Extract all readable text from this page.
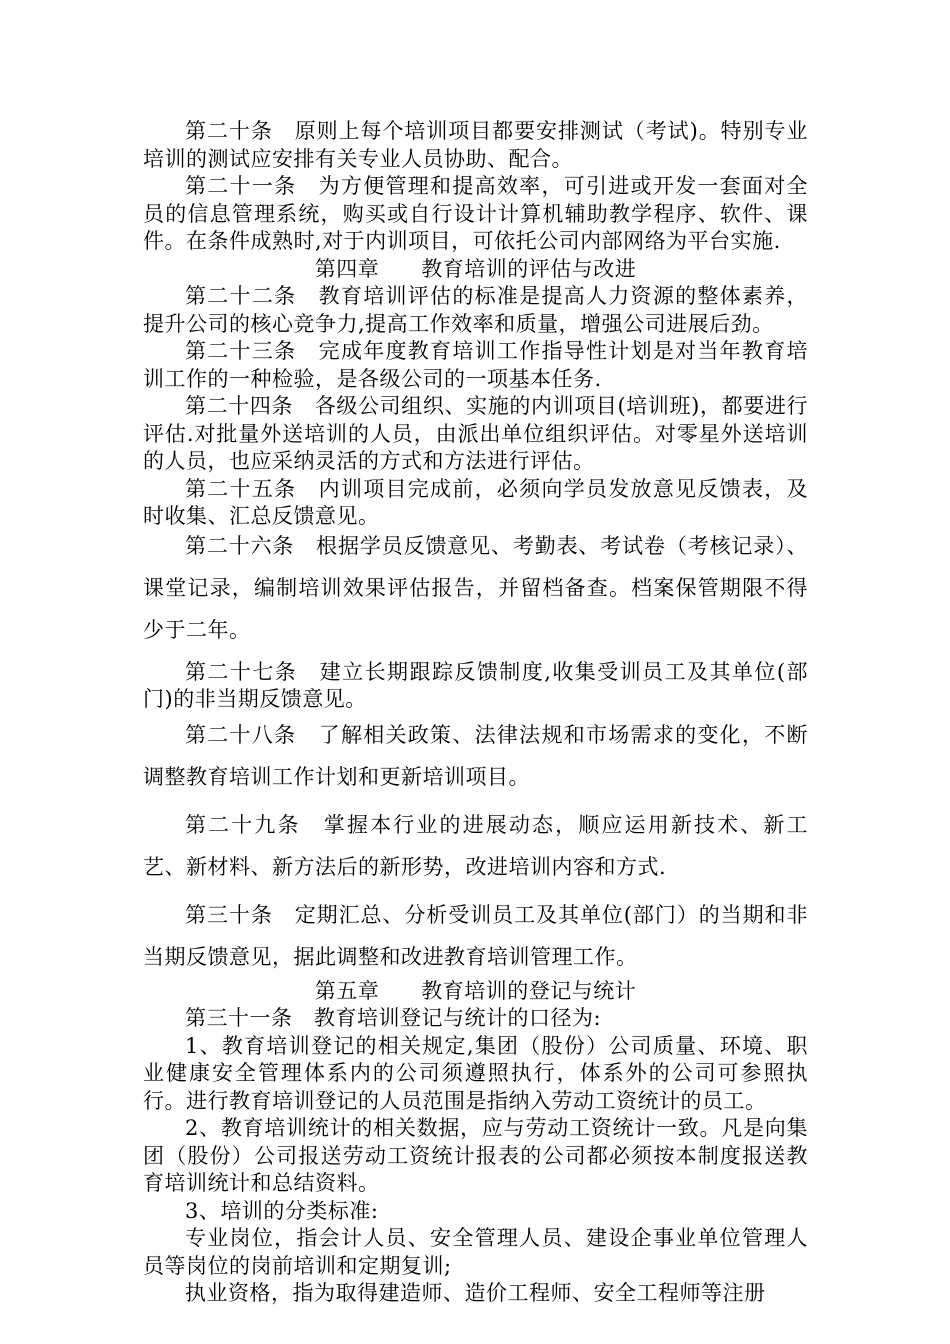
第二十条　原则上每个培训项目都要安排测试（考试)。特别专业培训的测试应安排有关专业人员协助、配合。

第二十一条　为方便管理和提高效率，可引进或开发一套面对全员的信息管理系统，购买或自行设计计算机辅助教学程序、软件、课件。在条件成熟时,对于内训项目，可依托公司内部网络为平台实施.

第四章 教育培训的评估与改进

第二十二条　教育培训评估的标准是提高人力资源的整体素养，提升公司的核心竞争力,提高工作效率和质量，增强公司进展后劲。

第二十三条　完成年度教育培训工作指导性计划是对当年教育培训工作的一种检验，是各级公司的一项基本任务.

第二十四条　各级公司组织、实施的内训项目(培训班)，都要进行评估.对批量外送培训的人员，由派出单位组织评估。对零星外送培训的人员，也应采纳灵活的方式和方法进行评估。

第二十五条　内训项目完成前，必须向学员发放意见反馈表，及时收集、汇总反馈意见。

第二十六条　根据学员反馈意见、考勤表、考试卷（考核记录）、课堂记录，编制培训效果评估报告，并留档备查。档案保管期限不得少于二年。

第二十七条　建立长期跟踪反馈制度,收集受训员工及其单位(部门)的非当期反馈意见。

第二十八条　了解相关政策、法律法规和市场需求的变化，不断调整教育培训工作计划和更新培训项目。

第二十九条　掌握本行业的进展动态，顺应运用新技术、新工艺、新材料、新方法后的新形势，改进培训内容和方式.

第三十条　定期汇总、分析受训员工及其单位(部门）的当期和非当期反馈意见，据此调整和改进教育培训管理工作。

第五章 教育培训的登记与统计

第三十一条　教育培训登记与统计的口径为:

1、教育培训登记的相关规定,集团（股份）公司质量、环境、职业健康安全管理体系内的公司须遵照执行，体系外的公司可参照执行。进行教育培训登记的人员范围是指纳入劳动工资统计的员工。

2、教育培训统计的相关数据，应与劳动工资统计一致。凡是向集团（股份）公司报送劳动工资统计报表的公司都必须按本制度报送教育培训统计和总结资料。

3、培训的分类标准:

专业岗位，指会计人员、安全管理人员、建设企事业单位管理人员等岗位的岗前培训和定期复训;

执业资格，指为取得建造师、造价工程师、安全工程师等注册
